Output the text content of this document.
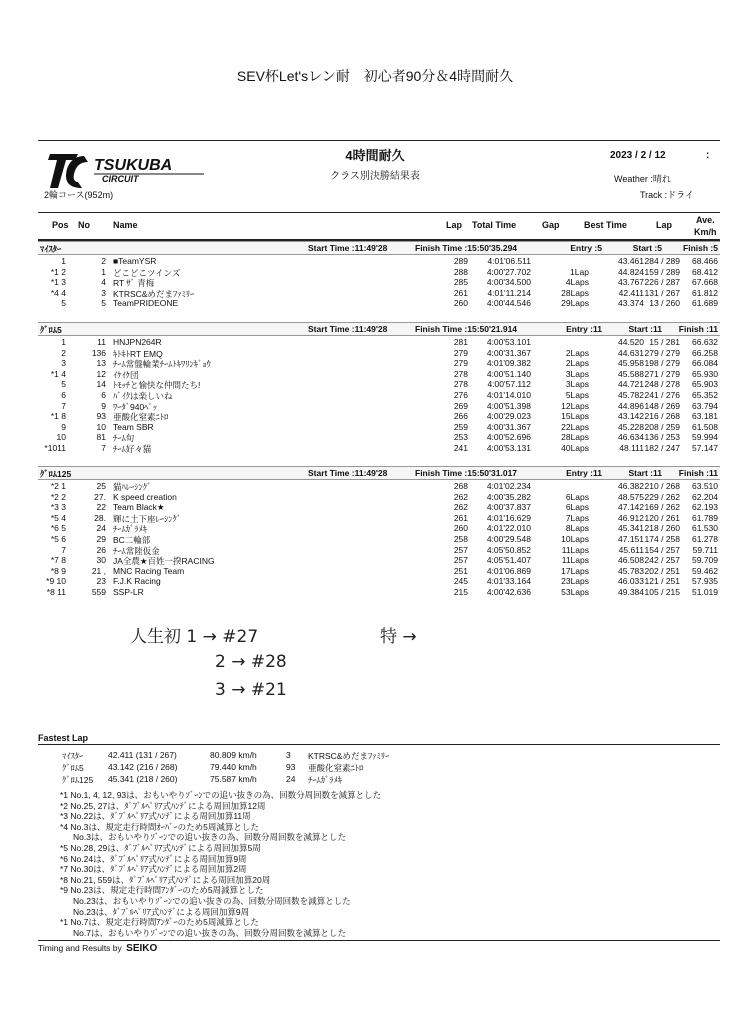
SEV杯Let'sレン耐　初心者90分＆4時間耐久
TSUKUBA
CIRCUIT
2輪コース(952m)
4時間耐久
クラス別決勝結果表
2023 / 2 / 12	:
Weather :晴れ
Track :ドライ
Pos No	Name	Lap Total Time	Gap	Best Time	Lap	Ave.
Km/h
ﾏｲｽﾀｰ	Start Time :11:49'28	Finish Time :15:50'35.294	Entry :5	Start :5 Finish :5
1	2 ■TeamYSR	289 4:01'06.511	43.461 284 / 289 68.466
*1 2	1 どこどこツインズ	288 4:00'27.702	1Lap	44.824 159 / 289 68.412
*1 3	4 RT ｻﾞ 青梅	285 4:00'34.500	4Laps	43.767 226 / 287 67.668
*4 4	3 KTRSC&めだまﾌｧﾐﾘｰ	261 4:01'11.214	28Laps	42.411 131 / 267 61.812
5	5 TeamPRIDEONE	260 4:00'44.546	29Laps	43.374 13 / 260 61.689
ｸﾞﾛﾑ5	Start Time :11:49'28	Finish Time :15:50'21.914	Entry :11	Start :11 Finish :11
1	11 HNJPN264R	281 4:00'53.101	44.520 15 / 281 66.632
2	136 ｷﾄｷﾄRT EMQ	279 4:00'31.367	2Laps	44.631 279 / 279 66.258
3	13 ﾁｰﾑ常盤輪業ﾁｰﾑﾄｷﾜﾘﾝｷﾞｮｳ	279 4:01'09.382	2Laps	45.958 198 / 279 66.084
*1 4	12 ｲｹｲｹ団	278 4:00'51.140	3Laps	45.588 271 / 279 65.930
5	14 ﾄﾓｯﾁと愉快な仲間たち!	278 4:00'57.112	3Laps	44.721 248 / 278 65.903
6	6 ﾊﾞｲｸは楽しいね	276 4:01'14.010	5Laps	45.782 241 / 276 65.352
7	9 ﾜｰﾀﾞ940ﾍﾟｯ	269 4:00'51.398	12Laps	44.896 148 / 269 63.794
*1 8	93 亜酸化窒素ﾆﾄﾛ	266 4:00'29.023	15Laps	43.142 216 / 268 63.181
9	10 Team SBR	259 4:00'31.367	22Laps	45.228 208 / 259 61.508
10	81 ﾁｰﾑ旬	253 4:00'52.696	28Laps	46.634 136 / 253 59.994
*1011	7 ﾁｰﾑ好々猫	241 4:00'53.131	40Laps	48.111 182 / 247 57.147
ｸﾞﾛﾑ125	Start Time :11:49'28	Finish Time :15:50'31.017	Entry :11	Start :11 Finish :11
*2 1	25 猫ﾊﾚｰｼﾝｸﾞ	268 4:01'02.234	46.382 210 / 268 63.510
*2 2	27. K speed creation	262 4:00'35.282	6Laps	48.575 229 / 262 62.204
*3 3	22 Team Black★	262 4:00'37.837	6Laps	47.142 169 / 262 62.193
*5 4	28. 輝に土下座ﾚｰｼﾝｸﾞ	261 4:01'16.629	7Laps	46.912 120 / 261 61.789
*6 5	24 ﾁｰﾑｶﾞﾗﾒｷ	260 4:01'22.010	8Laps	45.341 218 / 260 61.530
*5 6	29 BC二輪部	258 4:00'29.548	10Laps	47.151 174 / 258 61.278
7	26 ﾁｰﾑ常陸仮金	257 4:05'50.852	11Laps	45.611 154 / 257 59.711
*7 8	30 JA全農★百姓一揆RACING	257 4:05'51.407	11Laps	46.508 242 / 257 59.709
*8 9	21 , MNC Racing Team	251 4:01'06.869	17Laps	45.783 202 / 251 59.462
*9 10	23 F.J.K Racing	245 4:01'33.164	23Laps	46.033 121 / 251 57.935
*8 11	559 SSP-LR	215 4:00'42.636	53Laps	49.384 105 / 215 51.019
人生初 1 → #27	特 →
2 → #28
3 → #21
Fastest Lap
ﾏｲｽﾀｰ	42.411 (131 / 267)	80.809 km/h	3 KTRSC&めだまﾌｧﾐﾘｰ
ｸﾞﾛﾑ5	43.142 (216 / 268)	79.440 km/h	93 亜酸化窒素ﾆﾄﾛ
ｸﾞﾛﾑ125 45.341 (218 / 260)	75.587 km/h	24 ﾁｰﾑｶﾞﾗﾒｷ
*1 No.1, 4, 12, 93は、おもいやりｿﾞｰﾝでの追い抜きの為、回数分周回数を減算とした
*2 No.25, 27は、ﾀﾞﾌﾞﾙﾍﾟﾘｱ式ﾊﾝﾃﾞによる周回加算12周
*3 No.22は、ﾀﾞﾌﾞﾙﾍﾟﾘｱ式ﾊﾝﾃﾞによる周回加算11周
*4 No.3は、規定走行時間ｵｰﾊﾞｰのため5周減算とした
No.3は、おもいやりｿﾞｰﾝでの追い抜きの為、回数分周回数を減算とした
*5 No.28, 29は、ﾀﾞﾌﾞﾙﾍﾟﾘｱ式ﾊﾝﾃﾞによる周回加算5周
*6 No.24は、ﾀﾞﾌﾞﾙﾍﾟﾘｱ式ﾊﾝﾃﾞによる周回加算9周
*7 No.30は、ﾀﾞﾌﾞﾙﾍﾟﾘｱ式ﾊﾝﾃﾞによる周回加算2周
*8 No.21, 559は、ﾀﾞﾌﾞﾙﾍﾟﾘｱ式ﾊﾝﾃﾞによる周回加算20周
*9 No.23は、規定走行時間ｱﾝﾀﾞｰのため5周減算とした
No.23は、おもいやりｿﾞｰﾝでの追い抜きの為、回数分周回数を減算とした
No.23は、ﾀﾞﾌﾞﾙﾍﾟﾘｱ式ﾊﾝﾃﾞによる周回加算9周
*1 No.7は、規定走行時間ｱﾝﾀﾞｰのため5周減算とした
No.7は、おもいやりｿﾞｰﾝでの追い抜きの為、回数分周回数を減算とした
Timing and Results by SEIKO
